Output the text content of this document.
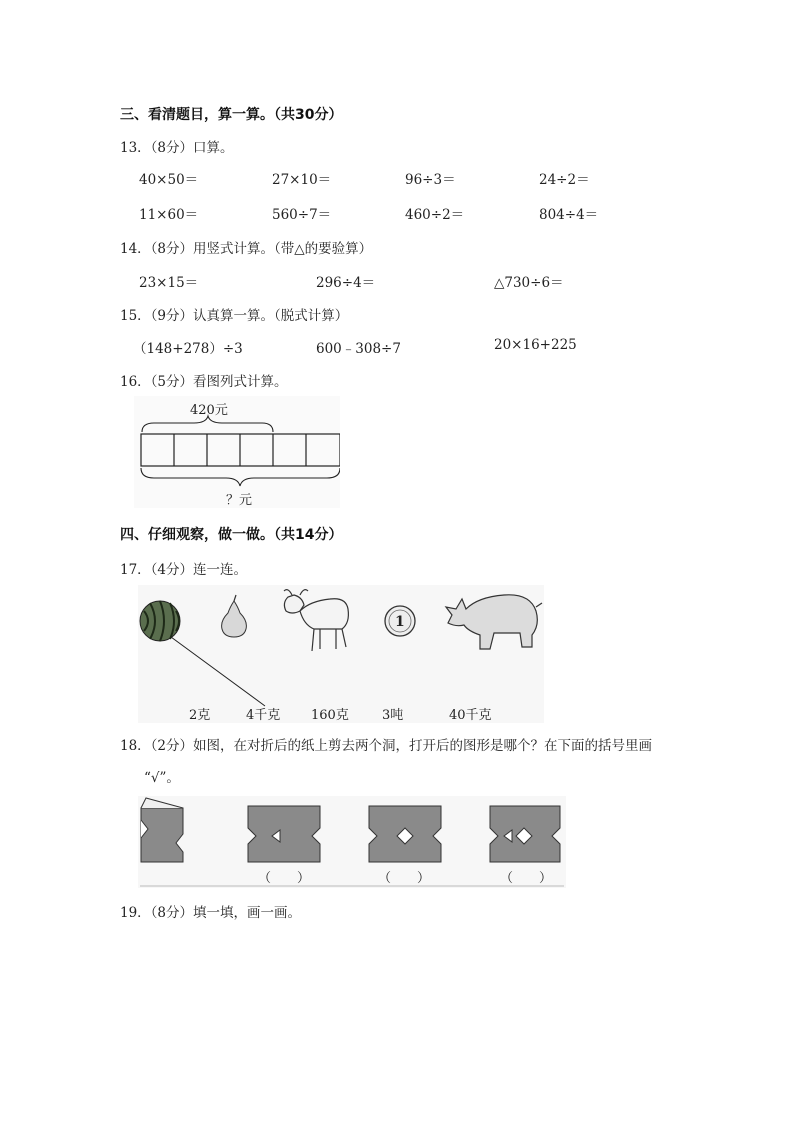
三、看清题目，算一算。（共30分）
13．（8分）口算。
40×50＝	27×10＝	96÷3＝	24÷2＝
11×60＝	560÷7＝	460÷2＝	804÷4＝
14．（8分）用竖式计算。（带△的要验算）
23×15＝	296÷4＝	△730÷6＝
15．（9分）认真算一算。（脱式计算）
（148+278）÷3	600﹣308÷7	20×16+225
16．（5分）看图列式计算。
420元
？元
四、仔细观察，做一做。（共14分）
17．（4分）连一连。
1
2克	4千克 160克	3吨	40千克
18．（2分）如图，在对折后的纸上剪去两个洞，打开后的图形是哪个？在下面的括号里画
“√”。
（　　）	（　　）	（　　）
19．（8分）填一填，画一画。
